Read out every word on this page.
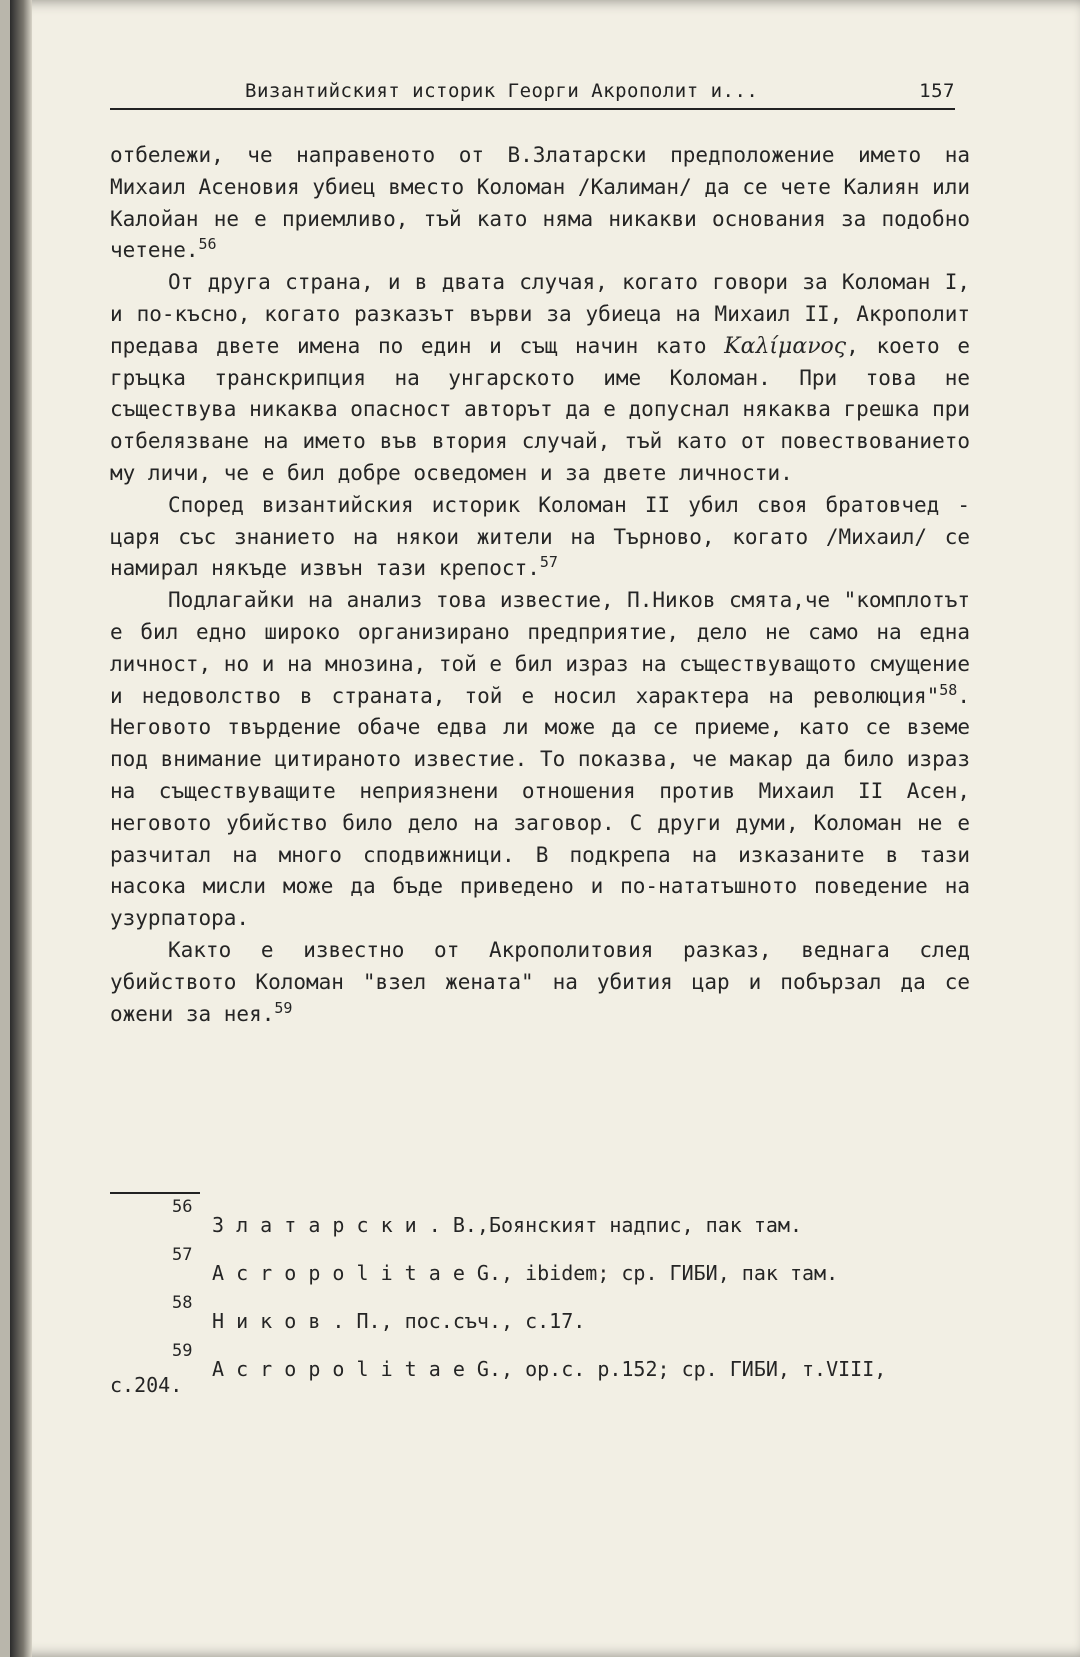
Византийският историк Георги Акрополит и...	157

отбележи, че направеното от В.Златарски предположение името на Михаил Асеновия убиец вместо Коломан /Калиман/ да се чете Калиян или Калойан не е приемливо, тъй като няма никакви основания за подобно четене.$^{56}$

От друга страна, и в двата случая, когато говори за Коломан I, и по-късно, когато разказът върви за убиеца на Михаил II, Акрополит предава двете имена по един и същ начин като Καλίμανος, което е гръцка транскрипция на унгарското име Коломан. При това не съществува никаква опасност авторът да е допуснал някаква грешка при отбелязване на името във втория случай, тъй като от повествованието му личи, че е бил добре осведомен и за двете личности.

Според византийския историк Коломан II убил своя братовчед - царя със знанието на някои жители на Търново, когато /Михаил/ се намирал някъде извън тази крепост.$^{57}$

Подлагайки на анализ това известие, П.Ников смята,че "комплотът е бил едно широко организирано предприятие, дело не само на една личност, но и на мнозина, той е бил израз на съществуващото смущение и недоволство в страната, той е носил характера на революция"$^{58}$. Неговото твърдение обаче едва ли може да се приеме, като се вземе под внимание цитираното известие. То показва, че макар да било израз на съществуващите неприязнени отношения против Михаил II Асен, неговото убийство било дело на заговор. С други думи, Коломан не е разчитал на много сподвижници. В подкрепа на изказаните в тази насока мисли може да бъде приведено и по-нататъшното поведение на узурпатора.

Както е известно от Акрополитовия разказ, веднага след убийството Коломан "взел жената" на убития цар и побързал да се ожени за нея.$^{59}$

56
З л а т а р с к и . В.,Боянският надпис, пак там.
57
A c r o p o l i t a e G., ibidem; ср. ГИБИ, пак там.
58
Н и к о в . П., пос.съч., с.17.
59
A c r o p o l i t a e G., op.c. p.152; ср. ГИБИ, т.VIII,
с.204.
